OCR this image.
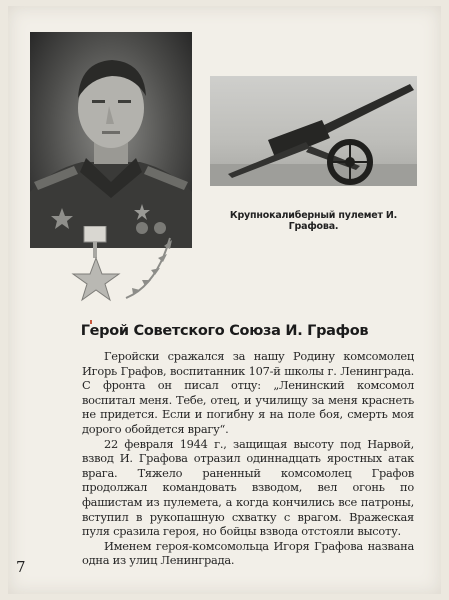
Крупнокалиберный пулемет И. Графова.
Герой Советского Союза И. Графов

Геройски сражался за нашу Родину комсомолец Игорь Графов, воспитанник 107-й школы г. Ленинграда. С фронта он писал отцу: „Ленинский комсомол воспитал меня. Тебе, отец, и училищу за меня краснеть не придется. Если и погибну я на поле боя, смерть моя дорого обойдется врагу“.

22 февраля 1944 г., защищая высоту под Нарвой, взвод И. Графова отразил одиннадцать яростных атак врага. Тяжело раненный комсомолец Графов продолжал командовать взводом, вел огонь по фашистам из пулемета, а когда кончились все патроны, вступил в рукопашную схватку с врагом. Вражеская пуля сразила героя, но бойцы взвода отстояли высоту.

Именем героя-комсомольца Игоря Графова названа одна из улиц Ленинграда.

7
